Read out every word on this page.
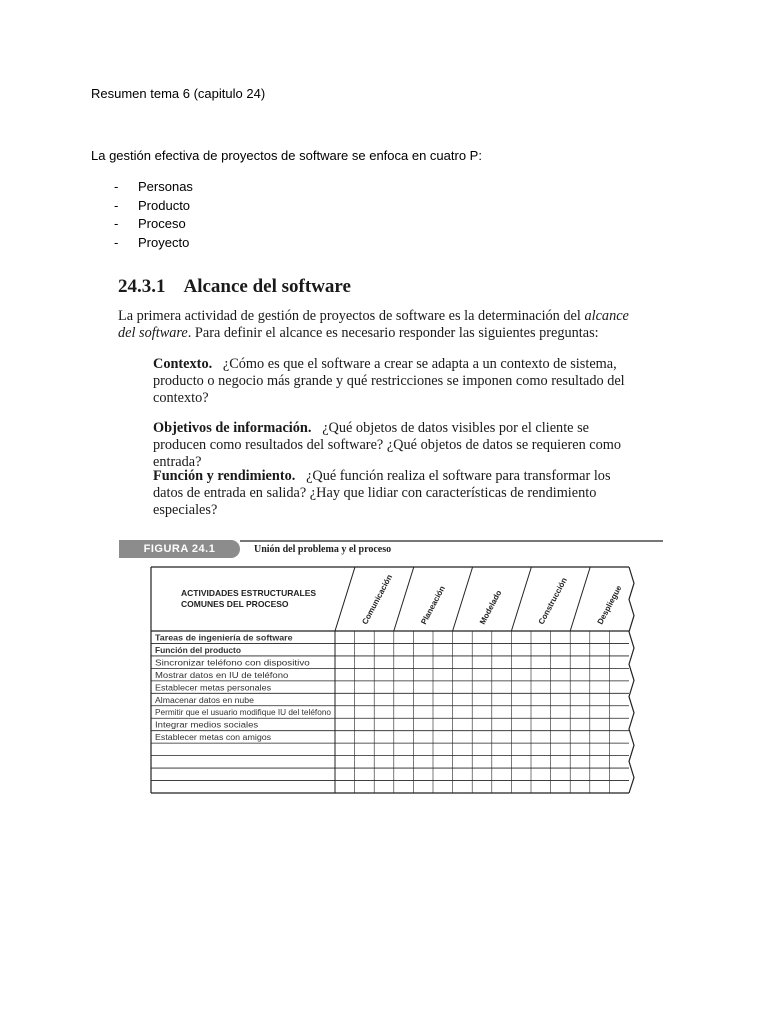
Resumen tema 6 (capitulo 24)
La gestión efectiva de proyectos de software se enfoca en cuatro P:
- Personas
- Producto
- Proceso
- Proyecto
24.3.1 Alcance del software

La primera actividad de gestión de proyectos de software es la determinación del alcance

del software. Para definir el alcance es necesario responder las siguientes preguntas:

Contexto. ¿Cómo es que el software a crear se adapta a un contexto de sistema, producto o negocio más grande y qué restricciones se imponen como resultado del contexto?
Objetivos de información. ¿Qué objetos de datos visibles por el cliente se producen como resultados del software? ¿Qué objetos de datos se requieren como entrada?
Función y rendimiento. ¿Qué función realiza el software para transformar los datos de entrada en salida? ¿Hay que lidiar con características de rendimiento especiales?
FIGURA 24.1	Unión del problema y el proceso
Tareas de ingeniería de software
Función del producto
Sincronizar teléfono con dispositivo
Mostrar datos en IU de teléfono
Establecer metas personales
Almacenar datos en nube
Permitir que el usuario modifique IU del teléfono
Integrar medios sociales
Establecer metas con amigos
Comunicación	Planeación	Modelado	Construcción	Despliegue
ACTIVIDADES ESTRUCTURALES
COMUNES DEL PROCESO
